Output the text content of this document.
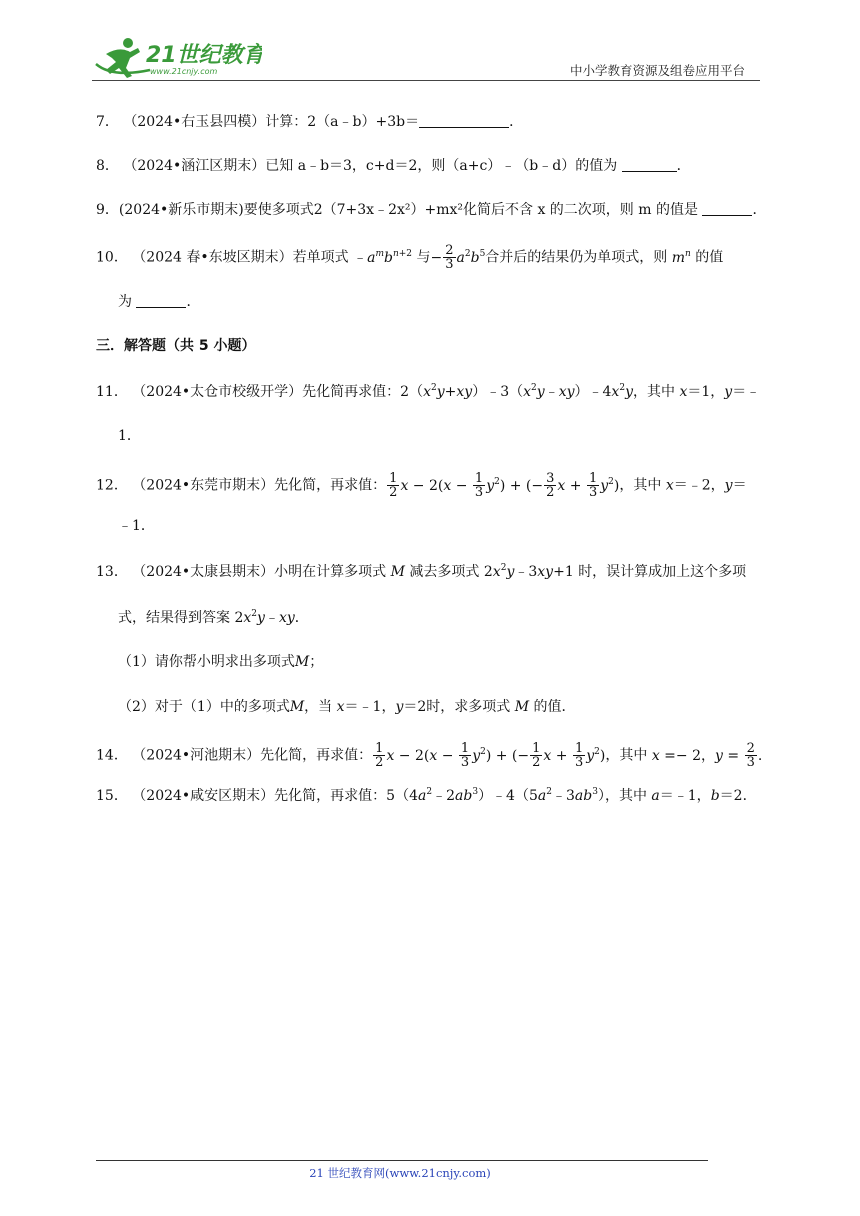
21世纪教育
www.21cnjy.com	中小学教育资源及组卷应用平台
7． （2024•右玉县四模）计算：2（a﹣b）+3b＝	．
8． （2024•涵江区期末）已知 a﹣b＝3，c+d＝2，则（a+c）﹣（b﹣d）的值为	．
9．(2024•新乐市期末)要使多项式2（7+3x﹣2x²）+mx²化简后不含 x 的二次项，则 m 的值是	．
10． （2024 春•东坡区期末）若单项式 $﹣a^mb^{n+2}$ 与− $\frac{2}{3} a^2b^5$合并后的结果仍为单项式，则 $m^n$ 的值
为	．
三．解答题（共 5 小题）
11． （2024•太仓市校级开学）先化简再求值：$2(x^2y+xy)﹣3(x^2y﹣xy)﹣4x^2y$，其中 x＝1，y＝﹣
1．
12． （2024•东莞市期末）先化简，再求值： $\frac{1}{2}$ $x - 2(x - \frac{1}{3} y^2)$ + (− $\frac{3}{2}$ $x + \frac{1}{3} y^2$)，其中 x＝﹣2，y＝
﹣1．
13． （2024•太康县期末）小明在计算多项式 M 减去多项式 $2x^2y﹣3xy+1$ 时，误计算成加上这个多项
式，结果得到答案 $2x^2y﹣xy$．
（1）请你帮小明求出多项式M；
（2）对于（1）中的多项式M，当 x＝﹣1，y＝2时，求多项式 M 的值．
14． （2024•河池期末）先化简，再求值： $\frac{1}{2}$ $x - 2(x - \frac{1}{3} y^2)$ + (− $\frac{1}{2}$ $x + \frac{1}{3} y^2$)，其中 x =− 2，$y = \frac{2}{3}$ .
15． （2024•咸安区期末）先化简，再求值：$5(4a^2﹣2ab^3)﹣4(5a^2﹣3ab^3)$，其中 a＝﹣1，b＝2．
21 世纪教育网(www.21cnjy.com)
